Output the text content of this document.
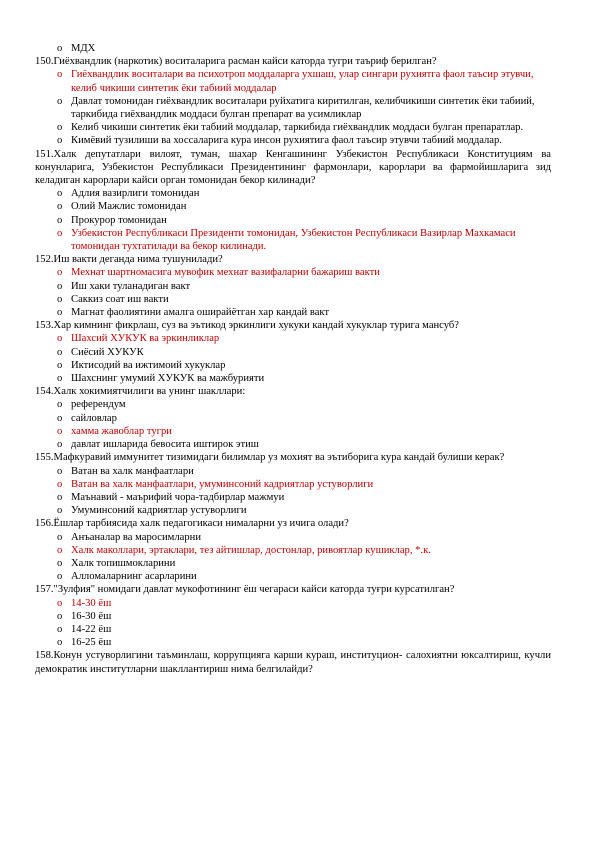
o МДХ

150.Гиёхвандлик (наркотик) воситаларига расман кайси каторда тугри таъриф берилган?

o Гиёхвандлик воситалари ва психотроп моддаларга ухшаш, улар сингари рухиятга фаол таъсир этувчи, келиб чикиши синтетик ёки табиий моддалар
o Давлат томонидан гиёхвандлик воситалари руйхатига киритилган, келибчикиши синтетик ёки табиий, таркибида гиёхвандлик моддаси булган препарат ва усимликлар
o Келиб чикиши синтетик ёки табиий моддалар, таркибида гиёхвандлик моддаси булган препаратлар.
o Кимёвий тузилиши ва хоссаларига кура инсон рухиятига фаол таъсир этувчи табиий моддалар.

151.Халк депутатлари вилоят, туман, шахар Кенгашининг Узбекистон Республикаси Конституциям ва конунларига, Узбекистон Республикаси Президентининг фармонлари, карорлари ва фармойишларига зид келадиган карорлари кайси орган томонидан бекор килинади?

o Адлия вазирлиги томонидан
o Олий Мажлис томонидан
o Прокурор томонидан
o Узбекистон Республикаси Президенти томонидан, Узбекистон Республикаси Вазирлар Махкамаси томонидан тухтатилади ва бекор килинади.

152.Иш вакти деганда нима тушунилади?

o Мехнат шартномасига мувофик мехнат вазифаларни бажариш вакти
o Иш хаки туланадиган вакт
o Саккиз соат иш вакти
o Магнат фаолиятини амалга оширайётган хар кандай вакт

153.Хар кимнинг фикрлаш, суз ва эътикод эркинлиги хукуки кандай хукуклар турига мансуб?

o Шахсий ХУКУК ва эркинликлар
o Сиёсий ХУКУК
o Иктисодий ва ижтимоий хукуклар
o Шахснинг умумий ХУКУК ва мажбурияти

154.Халк хокимиятчилиги ва унинг шакллари:

o референдум
o сайловлар
o хамма жавоблар тугри
o давлат ишларида бевосита иштирок этиш

155.Мафкуравий иммунитет тизимидаги билимлар уз мохият ва эътиборига кура кандай булиши керак?

o Ватан ва халк манфаатлари
o Ватан ва халк манфаатлари, умуминсоний кадриятлар устуворлиги
o Маънавий - маърифий чора-тадбирлар мажмуи
o Умуминсоний кадриятлар устуворлиги

156.Ёшлар тарбиясида халк педагогикаси нималарни уз ичига олади?

o Анъаналар ва маросимларни
o Халк маколлари, эртаклари, тез айтишлар, достонлар, ривоятлар кушиклар, *.к.
o Халк топишмокларини
o Алломаларнинг асарларини

157."Зулфия" номидаги давлат мукофотининг ёш чегараси кайси каторда туғри курсатилган?

o 14-30 ёш
o 16-30 ёш
o 14-22 ёш
o 16-25 ёш

158.Конун устуворлигини таъминлаш, коррупцияга карши кураш, институцион- салохиятни юксалтириш, кучли демократик институтларни шакллантириш нима белгилайди?
